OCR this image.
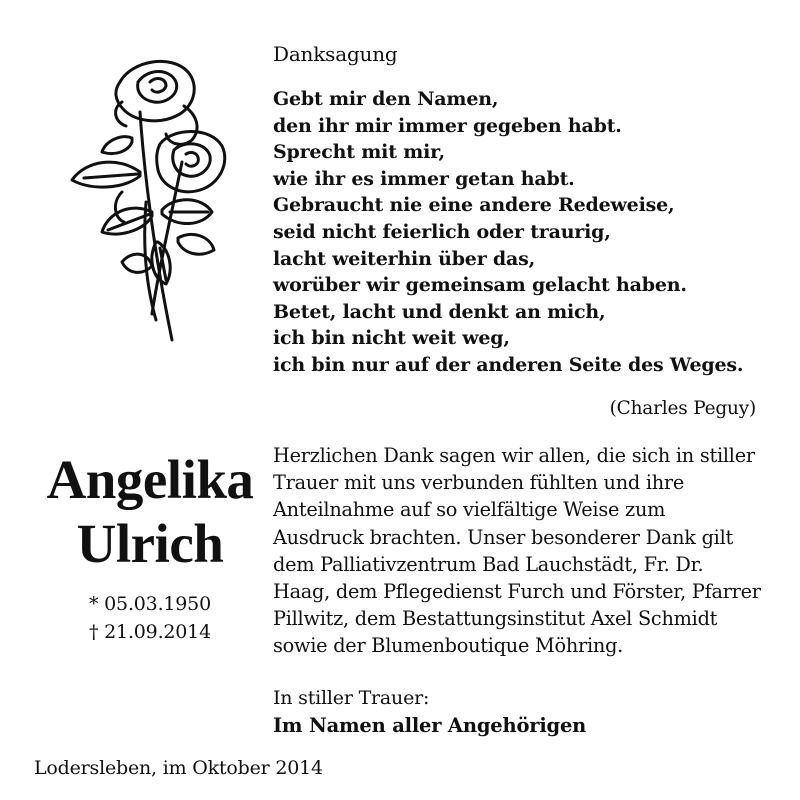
Danksagung
Gebt mir den Namen,
den ihr mir immer gegeben habt.
Sprecht mit mir,
wie ihr es immer getan habt.
Gebraucht nie eine andere Redeweise,
seid nicht feierlich oder traurig,
lacht weiterhin über das,
worüber wir gemeinsam gelacht haben.
Betet, lacht und denkt an mich,
ich bin nicht weit weg,
ich bin nur auf der anderen Seite des Weges.
(Charles Peguy)
Angelika
Ulrich
* 05.03.1950
† 21.09.2014
Herzlichen Dank sagen wir allen, die sich in stiller
Trauer mit uns verbunden fühlten und ihre
Anteilnahme auf so vielfältige Weise zum
Ausdruck brachten. Unser besonderer Dank gilt
dem Palliativzentrum Bad Lauchstädt, Fr. Dr.
Haag, dem Pflegedienst Furch und Förster, Pfarrer
Pillwitz, dem Bestattungsinstitut Axel Schmidt
sowie der Blumenboutique Möhring.
In stiller Trauer:
Im Namen aller Angehörigen
Lodersleben, im Oktober 2014
